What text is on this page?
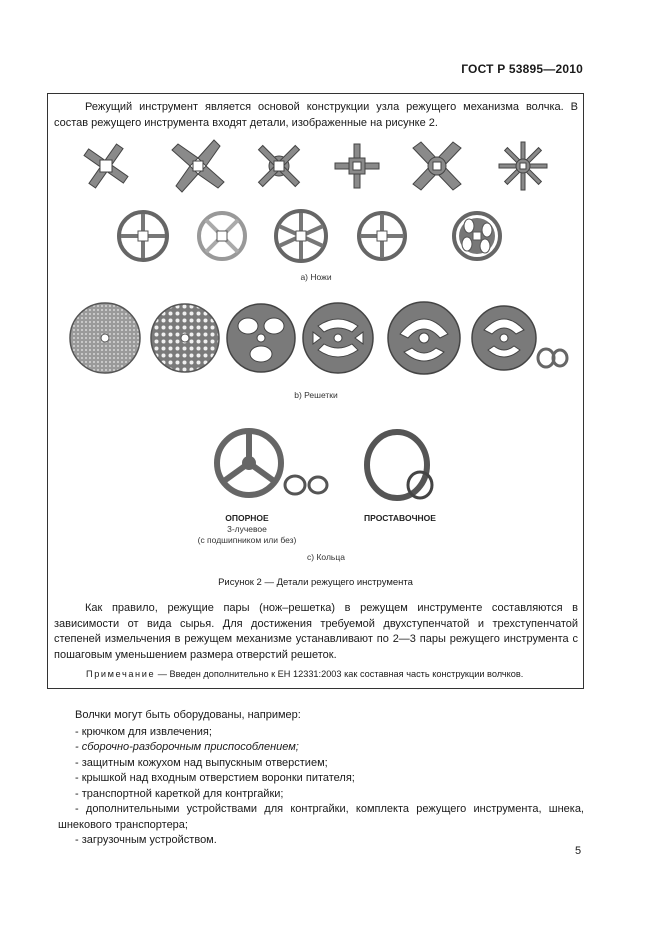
ГОСТ Р 53895—2010
Режущий инструмент является основой конструкции узла режущего механизма волчка. В состав режущего инструмента входят детали, изображенные на рисунке 2.
а) Ножи
b) Решетки
ОПОРНОЕ
3-лучевое
(с подшипником или без)
ПРОСТАВОЧНОЕ
с) Кольца
Рисунок 2 — Детали режущего инструмента
Как правило, режущие пары (нож–решетка) в режущем инструменте составляются в зависимости от вида сырья. Для достижения требуемой двухступенчатой и трехступенчатой степеней измельчения в режущем механизме устанавливают по 2—3 пары режущего инструмента с пошаговым уменьшением размера отверстий решеток.
Примечание — Введен дополнительно к ЕН 12331:2003 как составная часть конструкции волчков.
Волчки могут быть оборудованы, например:
- крючком для извлечения;
- сборочно-разборочным приспособлением;
- защитным кожухом над выпускным отверстием;
- крышкой над входным отверстием воронки питателя;
- транспортной кареткой для контргайки;
- дополнительными устройствами для контргайки, комплекта режущего инструмента, шнека, шнекового транспортера;
- загрузочным устройством.
5
